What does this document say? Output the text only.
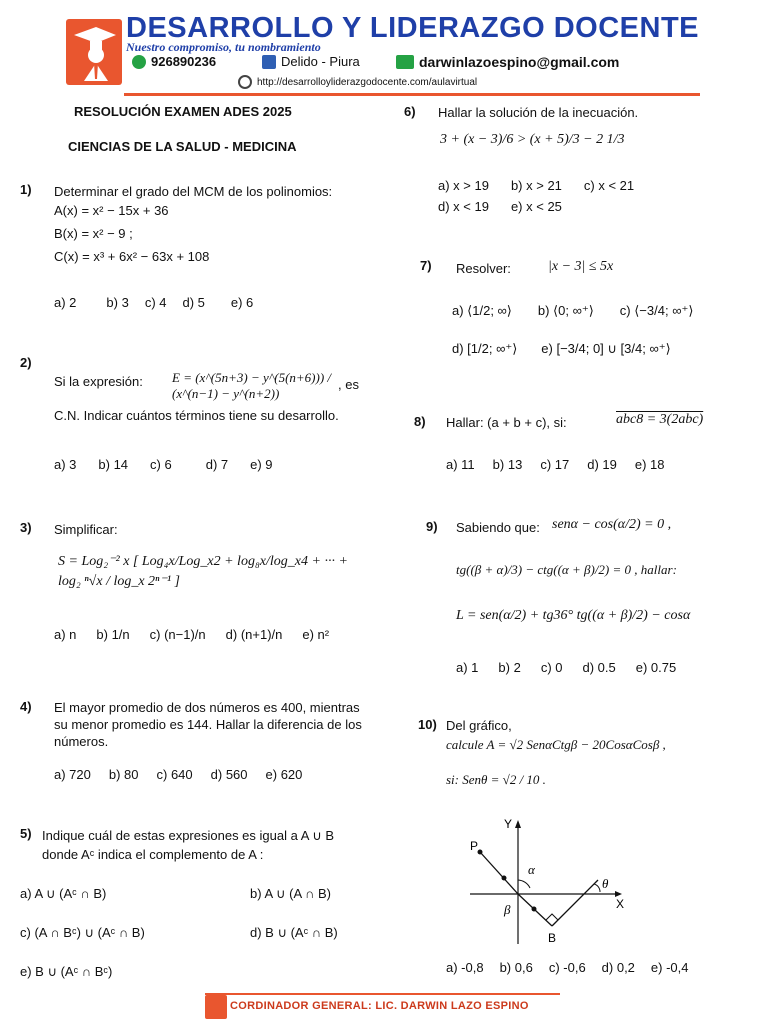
DESARROLLO Y LIDERAZGO DOCENTE
Nuestro compromiso, tu nombramiento
926890236	Delido - Piura	darwinlazoespino@gmail.com
http://desarrolloyliderazgodocente.com/aulavirtual
RESOLUCIÓN EXAMEN ADES 2025
CIENCIAS DE LA SALUD - MEDICINA
1) Determinar el grado del MCM de los polinomios:
A(x) = x² − 15x + 36
B(x) = x² − 9 ;
C(x) = x³ + 6x² − 63x + 108
a) 2 b) 3 c) 4 d) 5 e) 6
2)
Si la expresión: E = (x^(5n+3) − y^(5(n+6))) / (x^(n−1) − y^(n+2))
, es
C.N. Indicar cuántos términos tiene su desarrollo.
a) 3 b) 14 c) 6	d) 7 e) 9
3) Simplificar:
S = Log₂⁻² x [ Log₄x/Log_x2 + log₈x/log_x4 + ··· + log₂ ⁿ√x / log_x 2ⁿ⁻¹ ]
a) n b) 1/n c) (n−1)/n d) (n+1)/n e) n²
4) El mayor promedio de dos números es 400, mientras su menor promedio es 144. Hallar la diferencia de los números.
a) 720 b) 80 c) 640 d) 560 e) 620
5) Indique cuál de estas expresiones es igual a A ∪ B donde Aᶜ indica el complemento de A :
a) A ∪ (Aᶜ ∩ B)	b) A ∪ (A ∩ B)
c) (A ∩ Bᶜ) ∪ (Aᶜ ∩ B)	d) B ∪ (Aᶜ ∩ B)
e) B ∪ (Aᶜ ∩ Bᶜ)
6) Hallar la solución de la inecuación.
3 + (x − 3)/6 > (x + 5)/3 − 2 1/3
a) x > 19 b) x > 21 c) x < 21
d) x < 19 e) x < 25
7) Resolver:	|x − 3| ≤ 5x
a) ⟨1/2; ∞⟩ b) ⟨0; ∞⁺⟩ c) ⟨−3/4; ∞⁺⟩
d) [1/2; ∞⁺⟩ e) [−3/4; 0] ∪ [3/4; ∞⁺⟩
8) Hallar: (a + b + c), si:	abc8 = 3(2abc)
a) 11 b) 13 c) 17 d) 19 e) 18
9) Sabiendo que: senα − cos(α/2) = 0 ,
tg((β + α)/3) − ctg((α + β)/2) = 0 , hallar:
L = sen(α/2) + tg36° tg((α + β)/2) − cosα
a) 1 b) 2 c) 0 d) 0.5 e) 0.75
10) Del gráfico,
calcule A = √2 SenαCtgβ − 20CosαCosβ ,
si: Senθ = √2 / 10 .
Y
X
P
B
α
β
θ
a) -0,8 b) 0,6 c) -0,6 d) 0,2 e) -0,4
CORDINADOR GENERAL: LIC. DARWIN LAZO ESPINO
